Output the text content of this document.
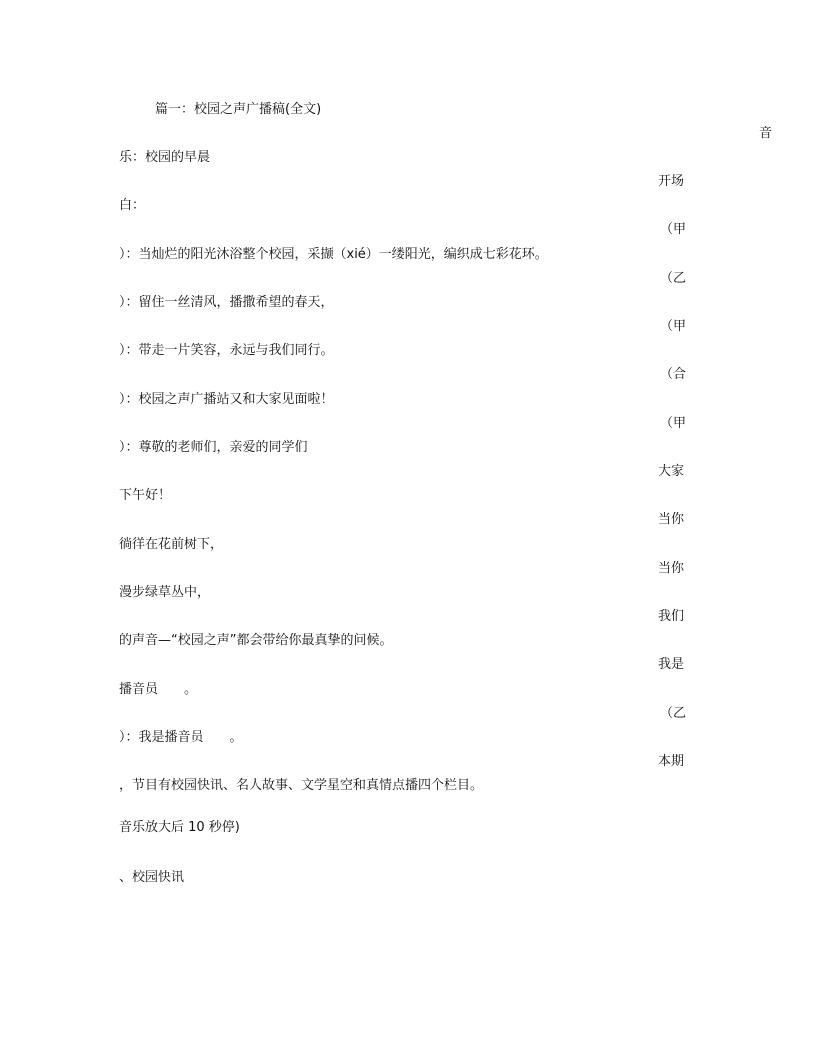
篇一：校园之声广播稿(全文)
音
乐：校园的早晨
开场
白：
（甲
）：当灿烂的阳光沐浴整个校园，采撷（xié）一缕阳光，编织成七彩花环。
（乙
）：留住一丝清风，播撒希望的春天，
（甲
）：带走一片笑容，永远与我们同行。
（合
）：校园之声广播站又和大家见面啦！
（甲
）：尊敬的老师们，亲爱的同学们
大家
下午好！
当你
徜徉在花前树下，
当你
漫步绿草丛中，
我们
的声音—“校园之声”都会带给你最真挚的问候。
我是
播音员　　。
（乙
）：我是播音员　　。
本期
，节目有校园快讯、名人故事、文学星空和真情点播四个栏目。
音乐放大后 10 秒停)
、校园快讯
